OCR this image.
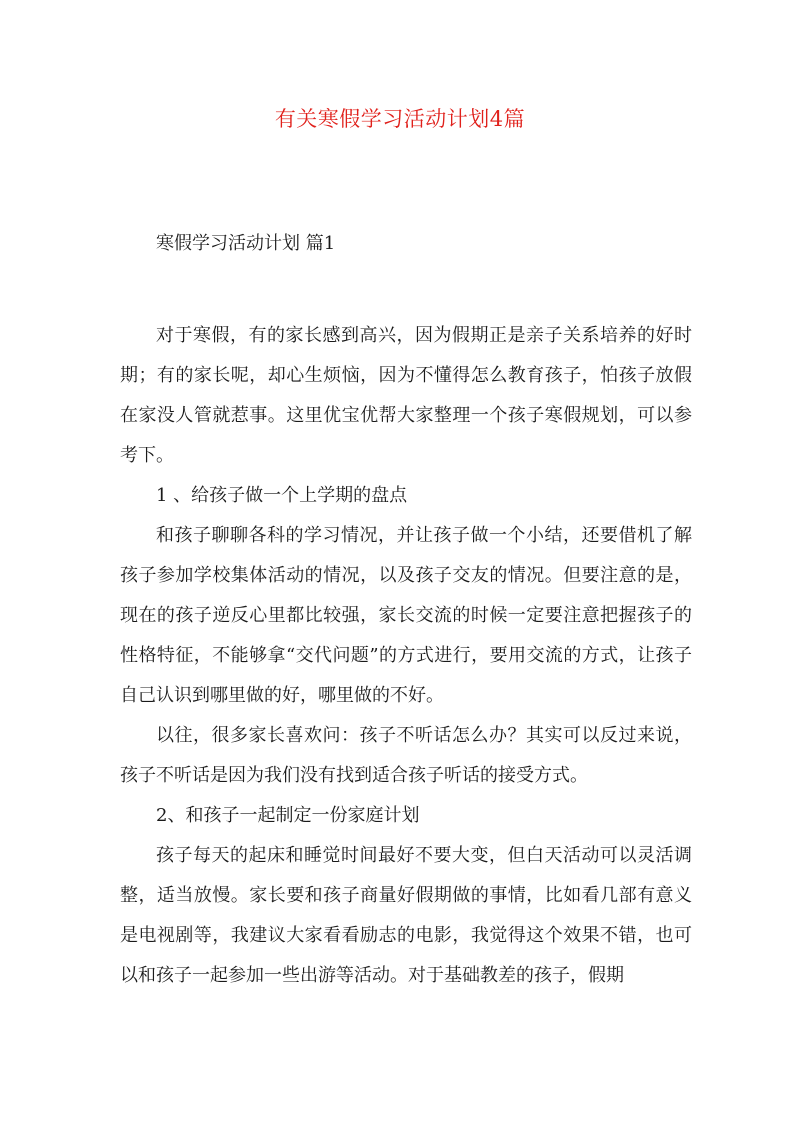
有关寒假学习活动计划4篇
寒假学习活动计划 篇1

对于寒假，有的家长感到高兴，因为假期正是亲子关系培养的好时期；有的家长呢，却心生烦恼，因为不懂得怎么教育孩子，怕孩子放假在家没人管就惹事。这里优宝优帮大家整理一个孩子寒假规划，可以参考下。

1 、给孩子做一个上学期的盘点

和孩子聊聊各科的学习情况，并让孩子做一个小结，还要借机了解孩子参加学校集体活动的情况，以及孩子交友的情况。但要注意的是，现在的孩子逆反心里都比较强，家长交流的时候一定要注意把握孩子的性格特征，不能够拿“交代问题”的方式进行，要用交流的方式，让孩子自己认识到哪里做的好，哪里做的不好。

以往，很多家长喜欢问：孩子不听话怎么办？其实可以反过来说，孩子不听话是因为我们没有找到适合孩子听话的接受方式。

2、和孩子一起制定一份家庭计划

孩子每天的起床和睡觉时间最好不要大变，但白天活动可以灵活调整，适当放慢。家长要和孩子商量好假期做的事情，比如看几部有意义是电视剧等，我建议大家看看励志的电影，我觉得这个效果不错，也可以和孩子一起参加一些出游等活动。对于基础教差的孩子，假期
